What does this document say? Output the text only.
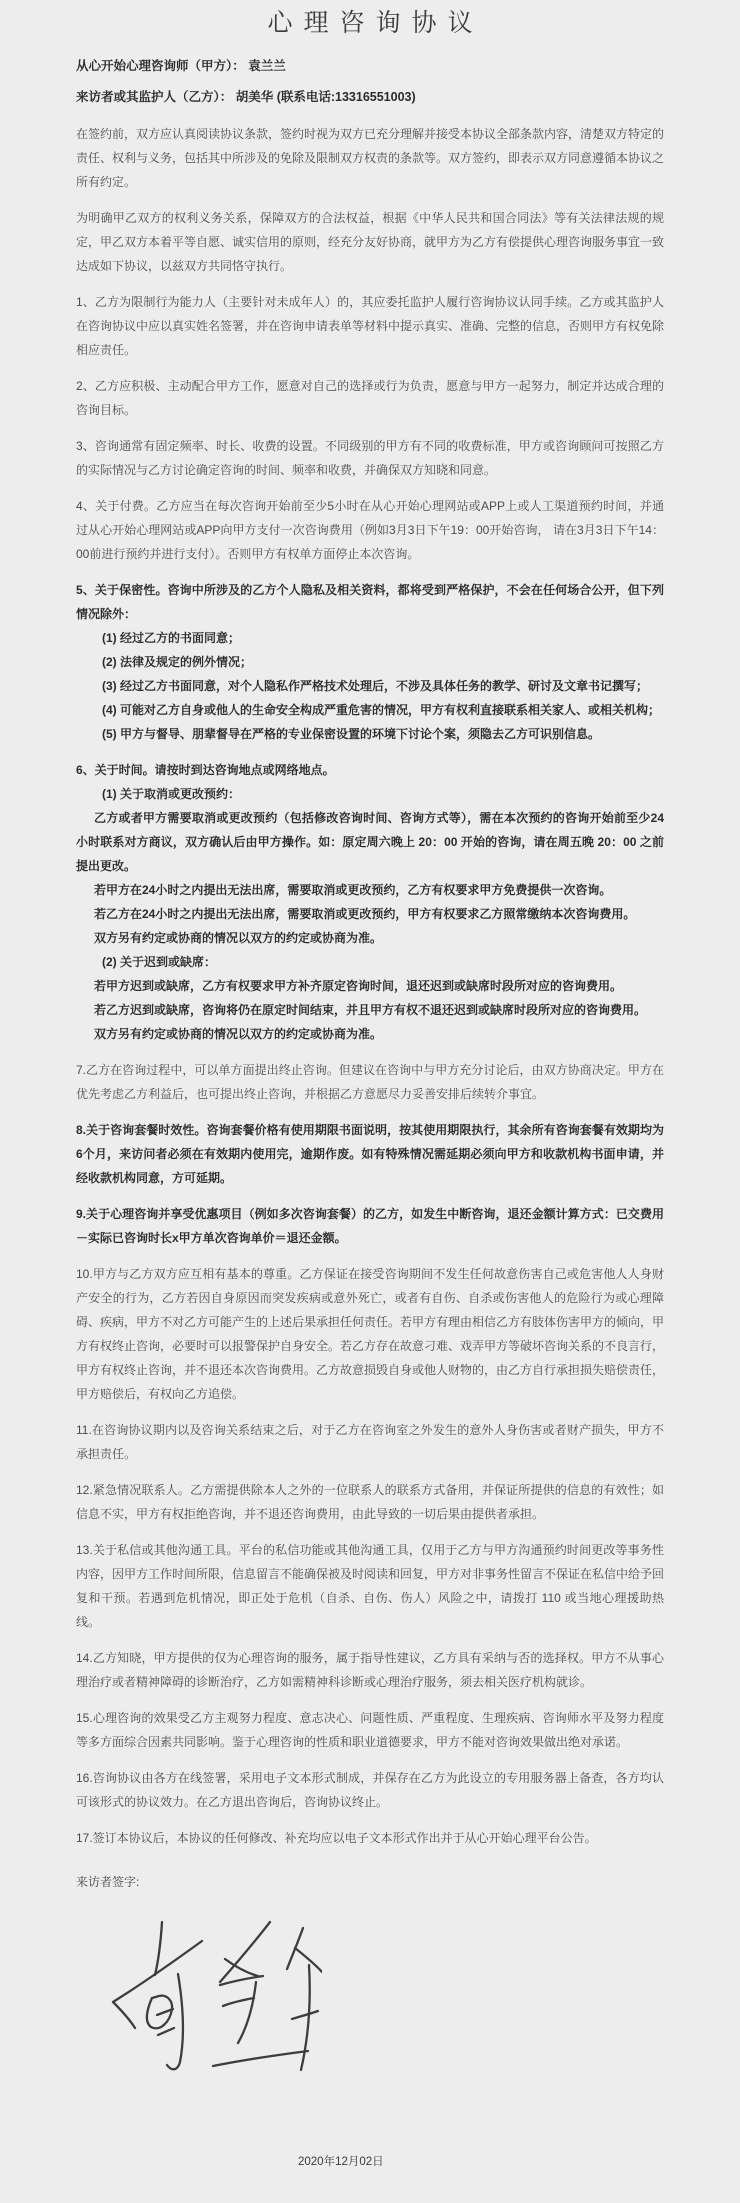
心理咨询协议
从心开始心理咨询师（甲方）： 袁兰兰
来访者或其监护人（乙方）： 胡美华 (联系电话:13316551003)
在签约前，双方应认真阅读协议条款，签约时视为双方已充分理解并接受本协议全部条款内容，清楚双方特定的责任、权利与义务，包括其中所涉及的免除及限制双方权责的条款等。双方签约，即表示双方同意遵循本协议之所有约定。
为明确甲乙双方的权利义务关系，保障双方的合法权益，根据《中华人民共和国合同法》等有关法律法规的规定，甲乙双方本着平等自愿、诚实信用的原则，经充分友好协商，就甲方为乙方有偿提供心理咨询服务事宜一致达成如下协议，以兹双方共同恪守执行。
1、乙方为限制行为能力人（主要针对未成年人）的，其应委托监护人履行咨询协议认同手续。乙方或其监护人在咨询协议中应以真实姓名签署，并在咨询申请表单等材料中提示真实、准确、完整的信息，否则甲方有权免除相应责任。
2、乙方应积极、主动配合甲方工作，愿意对自己的选择或行为负责，愿意与甲方一起努力，制定并达成合理的咨询目标。
3、咨询通常有固定频率、时长、收费的设置。不同级别的甲方有不同的收费标准，甲方或咨询顾问可按照乙方的实际情况与乙方讨论确定咨询的时间、频率和收费，并确保双方知晓和同意。
4、关于付费。乙方应当在每次咨询开始前至少5小时在从心开始心理网站或APP上或人工渠道预约时间，并通过从心开始心理网站或APP向甲方支付一次咨询费用（例如3月3日下午19：00开始咨询， 请在3月3日下午14：00前进行预约并进行支付）。否则甲方有权单方面停止本次咨询。
5、关于保密性。咨询中所涉及的乙方个人隐私及相关资料，都将受到严格保护，不会在任何场合公开，但下列情况除外：
(1) 经过乙方的书面同意；
(2) 法律及规定的例外情况；
(3) 经过乙方书面同意，对个人隐私作严格技术处理后，不涉及具体任务的教学、研讨及文章书记撰写；
(4) 可能对乙方自身或他人的生命安全构成严重危害的情况，甲方有权利直接联系相关家人、或相关机构；
(5) 甲方与督导、朋辈督导在严格的专业保密设置的环境下讨论个案，须隐去乙方可识别信息。
6、关于时间。请按时到达咨询地点或网络地点。
(1) 关于取消或更改预约：
乙方或者甲方需要取消或更改预约（包括修改咨询时间、咨询方式等），需在本次预约的咨询开始前至少24小时联系对方商议，双方确认后由甲方操作。如：原定周六晚上 20：00 开始的咨询，请在周五晚 20：00 之前提出更改。
若甲方在24小时之内提出无法出席，需要取消或更改预约，乙方有权要求甲方免费提供一次咨询。
若乙方在24小时之内提出无法出席，需要取消或更改预约，甲方有权要求乙方照常缴纳本次咨询费用。
双方另有约定或协商的情况以双方的约定或协商为准。
(2) 关于迟到或缺席：
若甲方迟到或缺席，乙方有权要求甲方补齐原定咨询时间，退还迟到或缺席时段所对应的咨询费用。
若乙方迟到或缺席，咨询将仍在原定时间结束，并且甲方有权不退还迟到或缺席时段所对应的咨询费用。
双方另有约定或协商的情况以双方的约定或协商为准。
7.乙方在咨询过程中，可以单方面提出终止咨询。但建议在咨询中与甲方充分讨论后，由双方协商决定。甲方在优先考虑乙方利益后，也可提出终止咨询，并根据乙方意愿尽力妥善安排后续转介事宜。
8.关于咨询套餐时效性。咨询套餐价格有使用期限书面说明，按其使用期限执行，其余所有咨询套餐有效期均为6个月，来访问者必须在有效期内使用完，逾期作废。如有特殊情况需延期必须向甲方和收款机构书面申请，并经收款机构同意，方可延期。
9.关于心理咨询并享受优惠项目（例如多次咨询套餐）的乙方，如发生中断咨询，退还金额计算方式：已交费用－实际已咨询时长x甲方单次咨询单价＝退还金额。
10.甲方与乙方双方应互相有基本的尊重。乙方保证在接受咨询期间不发生任何故意伤害自己或危害他人人身财产安全的行为，乙方若因自身原因而突发疾病或意外死亡，或者有自伤、自杀或伤害他人的危险行为或心理障碍、疾病，甲方不对乙方可能产生的上述后果承担任何责任。若甲方有理由相信乙方有肢体伤害甲方的倾向，甲方有权终止咨询，必要时可以报警保护自身安全。若乙方存在故意刁难、戏弄甲方等破坏咨询关系的不良言行，甲方有权终止咨询，并不退还本次咨询费用。乙方故意损毁自身或他人财物的，由乙方自行承担损失赔偿责任，甲方赔偿后，有权向乙方追偿。
11.在咨询协议期内以及咨询关系结束之后，对于乙方在咨询室之外发生的意外人身伤害或者财产损失，甲方不承担责任。
12.紧急情况联系人。乙方需提供除本人之外的一位联系人的联系方式备用，并保证所提供的信息的有效性；如信息不实，甲方有权拒绝咨询，并不退还咨询费用，由此导致的一切后果由提供者承担。
13.关于私信或其他沟通工具。平台的私信功能或其他沟通工具，仅用于乙方与甲方沟通预约时间更改等事务性内容，因甲方工作时间所限，信息留言不能确保被及时阅读和回复，甲方对非事务性留言不保证在私信中给予回复和干预。若遇到危机情况，即正处于危机（自杀、自伤、伤人）风险之中，请拨打 110 或当地心理援助热线。
14.乙方知晓，甲方提供的仅为心理咨询的服务，属于指导性建议，乙方具有采纳与否的选择权。甲方不从事心理治疗或者精神障碍的诊断治疗，乙方如需精神科诊断或心理治疗服务，须去相关医疗机构就诊。
15.心理咨询的效果受乙方主观努力程度、意志决心、问题性质、严重程度、生理疾病、咨询师水平及努力程度等多方面综合因素共同影响。鉴于心理咨询的性质和职业道德要求，甲方不能对咨询效果做出绝对承诺。
16.咨询协议由各方在线签署，采用电子文本形式制成，并保存在乙方为此设立的专用服务器上备查，各方均认可该形式的协议效力。在乙方退出咨询后，咨询协议终止。
17.签订本协议后，本协议的任何修改、补充均应以电子文本形式作出并于从心开始心理平台公告。
来访者签字:
2020年12月02日
